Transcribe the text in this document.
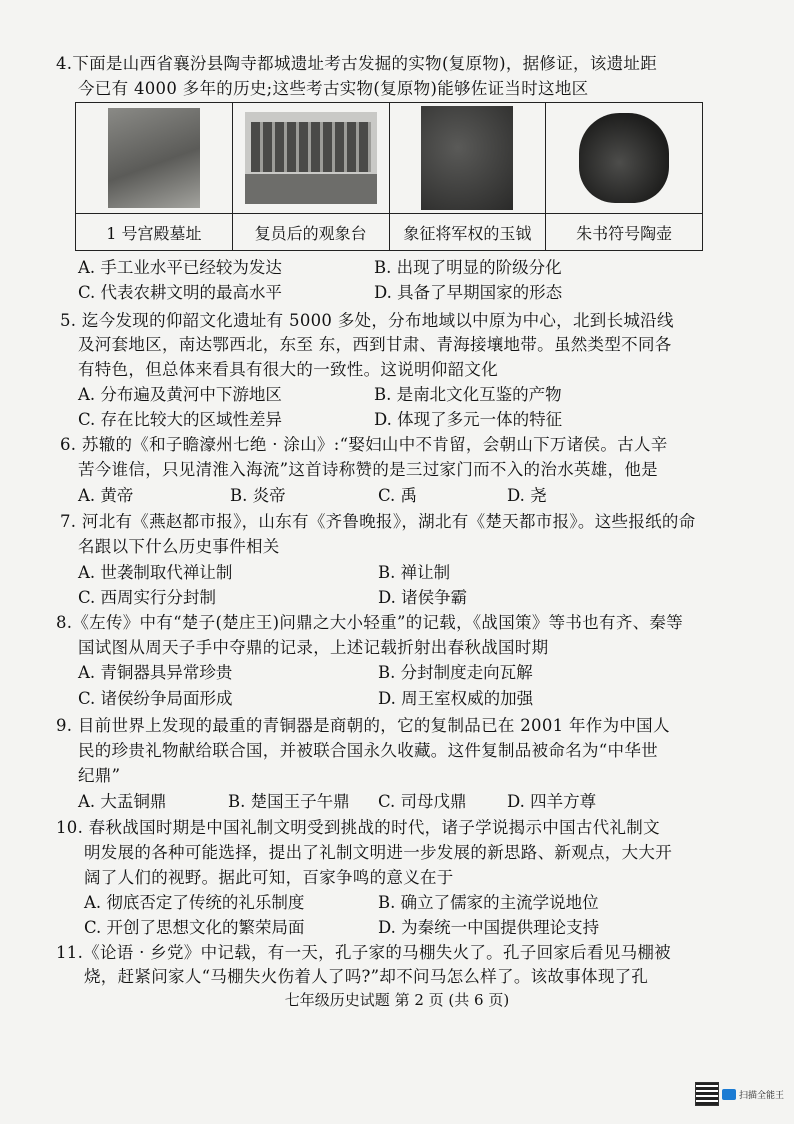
4.下面是山西省襄汾县陶寺都城遗址考古发掘的实物(复原物)，据修证，该遗址距
今已有 4000 多年的历史;这些考古实物(复原物)能够佐证当时这地区

1 号宫殿墓址	复员后的观象台	象征将军权的玉钺	朱书符号陶壶
A. 手工业水平已经较为发达	B. 出现了明显的阶级分化
C. 代表农耕文明的最高水平	D. 具备了早期国家的形态
5. 迄今发现的仰韶文化遗址有 5000 多处，分布地域以中原为中心，北到长城沿线
及河套地区，南达鄂西北，东至 东，西到甘肃、青海接壤地带。虽然类型不同各
有特色，但总体来看具有很大的一致性。这说明仰韶文化
A. 分布遍及黄河中下游地区	B. 是南北文化互鉴的产物
C. 存在比较大的区域性差异	D. 体现了多元一体的特征
6. 苏辙的《和子瞻濠州七绝 · 涂山》:“娶妇山中不肯留，会朝山下万诸侯。古人辛
苦今谁信，只见清淮入海流”这首诗称赞的是三过家门而不入的治水英雄，他是
A. 黄帝	B. 炎帝	C. 禹	D. 尧
7. 河北有《燕赵都市报》，山东有《齐鲁晚报》，湖北有《楚天都市报》。这些报纸的命
名跟以下什么历史事件相关
A. 世袭制取代禅让制	B. 禅让制
C. 西周实行分封制	D. 诸侯争霸
8.《左传》中有“楚子(楚庄王)问鼎之大小轻重”的记载，《战国策》等书也有齐、秦等
国试图从周天子手中夺鼎的记录，上述记载折射出春秋战国时期
A. 青铜器具异常珍贵	B. 分封制度走向瓦解
C. 诸侯纷争局面形成	D. 周王室权威的加强
9. 目前世界上发现的最重的青铜器是商朝的，它的复制品已在 2001 年作为中国人
民的珍贵礼物献给联合国，并被联合国永久收藏。这件复制品被命名为“中华世
纪鼎”
A. 大盂铜鼎	B. 楚国王子午鼎 C. 司母戊鼎 D. 四羊方尊
10. 春秋战国时期是中国礼制文明受到挑战的时代，诸子学说揭示中国古代礼制文
明发展的各种可能选择，提出了礼制文明进一步发展的新思路、新观点，大大开
阔了人们的视野。据此可知，百家争鸣的意义在于
A. 彻底否定了传统的礼乐制度	B. 确立了儒家的主流学说地位
C. 开创了思想文化的繁荣局面	D. 为秦统一中国提供理论支持
11.《论语 · 乡党》中记载，有一天，孔子家的马棚失火了。孔子回家后看见马棚被
烧，赶紧问家人“马棚失火伤着人了吗?”却不问马怎么样了。该故事体现了孔
七年级历史试题 第 2 页 (共 6 页)
扫描全能王
